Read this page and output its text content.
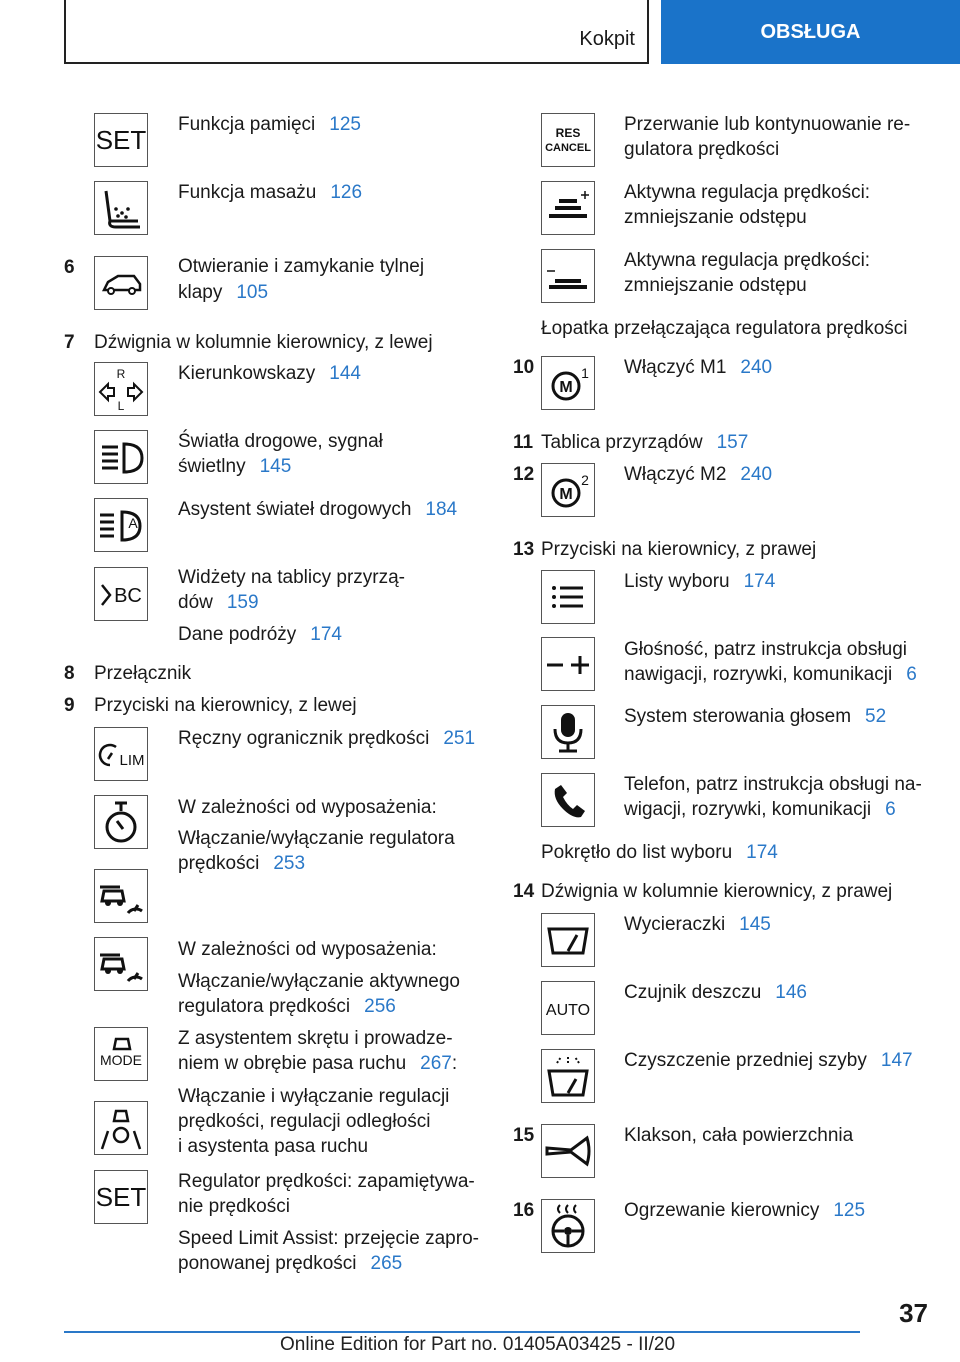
Kokpit	OBSŁUGA
SET
Funkcja pamięci 125
Funkcja masażu 126
6	Otwieranie i zamykanie tylnej
klapy 105
7 Dźwignia w kolumnie kierownicy, z lewej
R
L
Kierunkowskazy 144
Światła drogowe, sygnał
świetlny 145
A
Asystent świateł drogowych 184
BC
Widżety na tablicy przyrzą-
dów 159
Dane podróży 174
8 Przełącznik
9 Przyciski na kierownicy, z lewej
LIM
Ręczny ogranicznik prędkości 251
W zależności od wyposażenia:
Włączanie/wyłączanie regulatora
prędkości 253
W zależności od wyposażenia:
Włączanie/wyłączanie aktywnego
regulatora prędkości 256
MODE
Z asystentem skrętu i prowadze-
niem w obrębie pasa ruchu 267:
Włączanie i wyłączanie regulacji
prędkości, regulacji odległości
i asystenta pasa ruchu
SET
Regulator prędkości: zapamiętywa-
nie prędkości
Speed Limit Assist: przejęcie zapro-
ponowanej prędkości 265
RES
CANCEL
Przerwanie lub kontynuowanie re-
gulatora prędkości
Aktywna regulacja prędkości:
zmniejszanie odstępu
Aktywna regulacja prędkości:
zmniejszanie odstępu
Łopatka przełączająca regulatora prędkości
10
M
1 Włączyć M1 240
11 Tablica przyrządów 157
12
M
2 Włączyć M2 240
13 Przyciski na kierownicy, z prawej
Listy wyboru 174
Głośność, patrz instrukcja obsługi
nawigacji, rozrywki, komunikacji 6
System sterowania głosem 52
Telefon, patrz instrukcja obsługi na-
wigacji, rozrywki, komunikacji 6
Pokrętło do list wyboru 174
14 Dźwignia w kolumnie kierownicy, z prawej
Wycieraczki 145
AUTO
Czujnik deszczu 146
Czyszczenie przedniej szyby 147
15	Klakson, cała powierzchnia
16	Ogrzewanie kierownicy 125
37
Online Edition for Part no. 01405A03425 - II/20
